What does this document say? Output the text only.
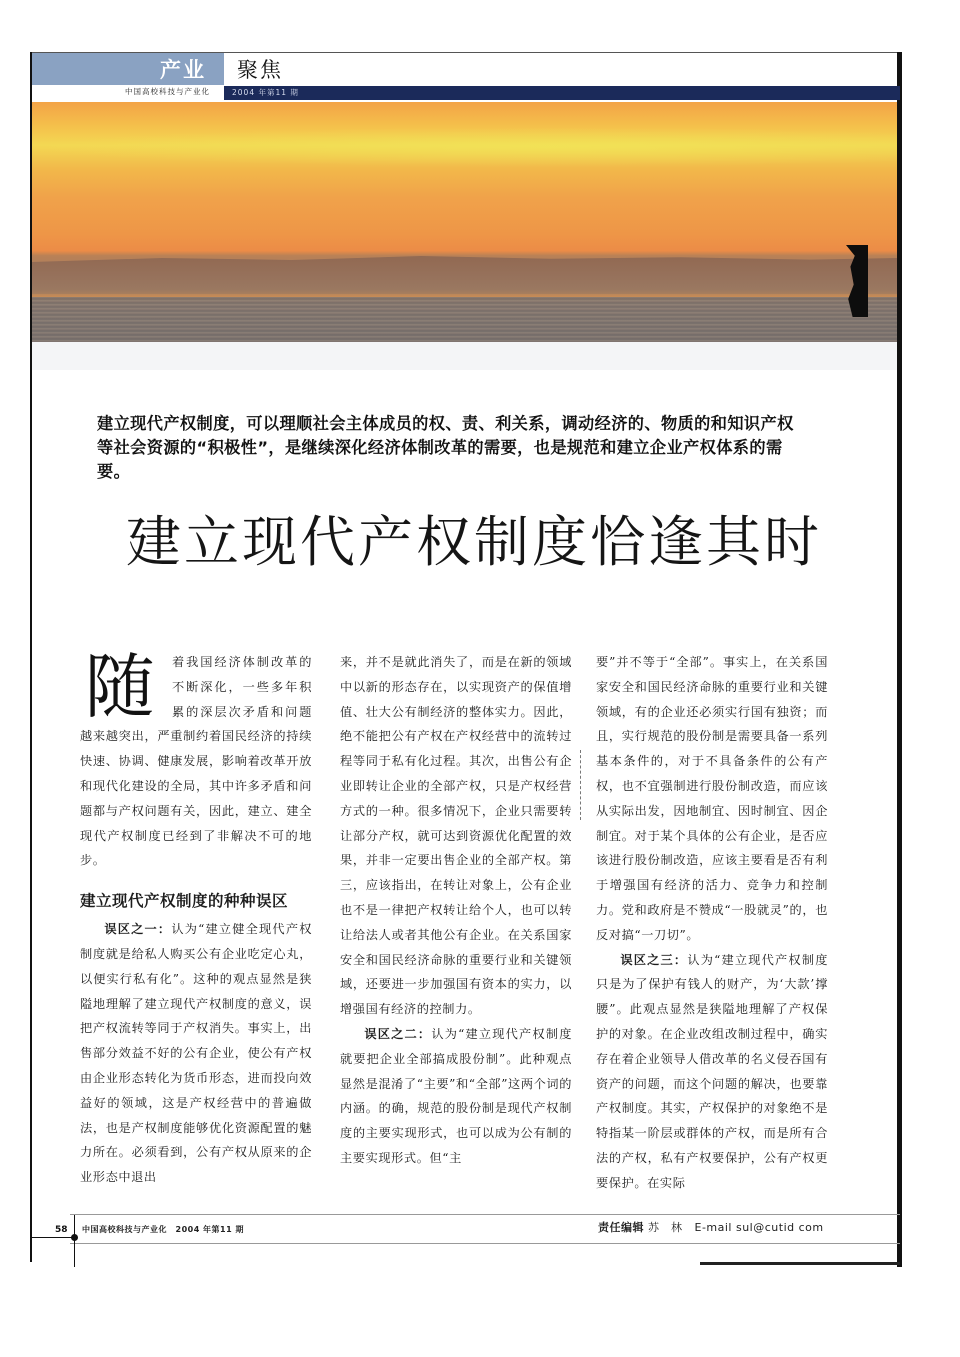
产业 聚焦
中国高校科技与产业化	2004 年第11 期
建立现代产权制度，可以理顺社会主体成员的权、责、利关系，调动经济的、物质的和知识产权等社会资源的“积极性”，是继续深化经济体制改革的需要，也是规范和建立企业产权体系的需要。
建立现代产权制度恰逢其时
随	着我国经济体制改革的不断深化，一些多年积累的深层次矛盾和问题越来越突出，严重制约着国民经济的持续快速、协调、健康发展，影响着改革开放和现代化建设的全局，其中许多矛盾和问题都与产权问题有关，因此，建立、建全现代产权制度已经到了非解决不可的地步。

建立现代产权制度的种种误区

误区之一：认为“建立健全现代产权制度就是给私人购买公有企业吃定心丸，以便实行私有化”。这种的观点显然是狭隘地理解了建立现代产权制度的意义，误把产权流转等同于产权消失。事实上，出售部分效益不好的公有企业，使公有产权由企业形态转化为货币形态，进而投向效益好的领域，这是产权经营中的普遍做法，也是产权制度能够优化资源配置的魅力所在。必须看到，公有产权从原来的企业形态中退出

来，并不是就此消失了，而是在新的领域中以新的形态存在，以实现资产的保值增值、壮大公有制经济的整体实力。因此，绝不能把公有产权在产权经营中的流转过程等同于私有化过程。其次，出售公有企业即转让企业的全部产权，只是产权经营方式的一种。很多情况下，企业只需要转让部分产权，就可达到资源优化配置的效果，并非一定要出售企业的全部产权。第三，应该指出，在转让对象上，公有企业也不是一律把产权转让给个人，也可以转让给法人或者其他公有企业。在关系国家安全和国民经济命脉的重要行业和关键领域，还要进一步加强国有资本的实力，以增强国有经济的控制力。

误区之二：认为“建立现代产权制度就要把企业全部搞成股份制”。此种观点显然是混淆了“主要”和“全部”这两个词的内涵。的确，规范的股份制是现代产权制度的主要实现形式，也可以成为公有制的主要实现形式。但“主

要”并不等于“全部”。事实上，在关系国家安全和国民经济命脉的重要行业和关键领域，有的企业还必须实行国有独资；而且，实行规范的股份制是需要具备一系列基本条件的，对于不具备条件的公有产权，也不宜强制进行股份制改造，而应该从实际出发，因地制宜、因时制宜、因企制宜。对于某个具体的公有企业，是否应该进行股份制改造，应该主要看是否有利于增强国有经济的活力、竞争力和控制力。党和政府是不赞成“一股就灵”的，也反对搞“一刀切”。

误区之三：认为“建立现代产权制度只是为了保护有钱人的财产，为‘大款’撑腰”。此观点显然是狭隘地理解了产权保护的对象。在企业改组改制过程中，确实存在着企业领导人借改革的名义侵吞国有资产的问题，而这个问题的解决，也要靠产权制度。其实，产权保护的对象绝不是特指某一阶层或群体的产权，而是所有合法的产权，私有产权要保护，公有产权更要保护。在实际

58 中国高校科技与产业化　2004 年第11 期	责任编辑 苏　林 E-mail sul@cutid com
